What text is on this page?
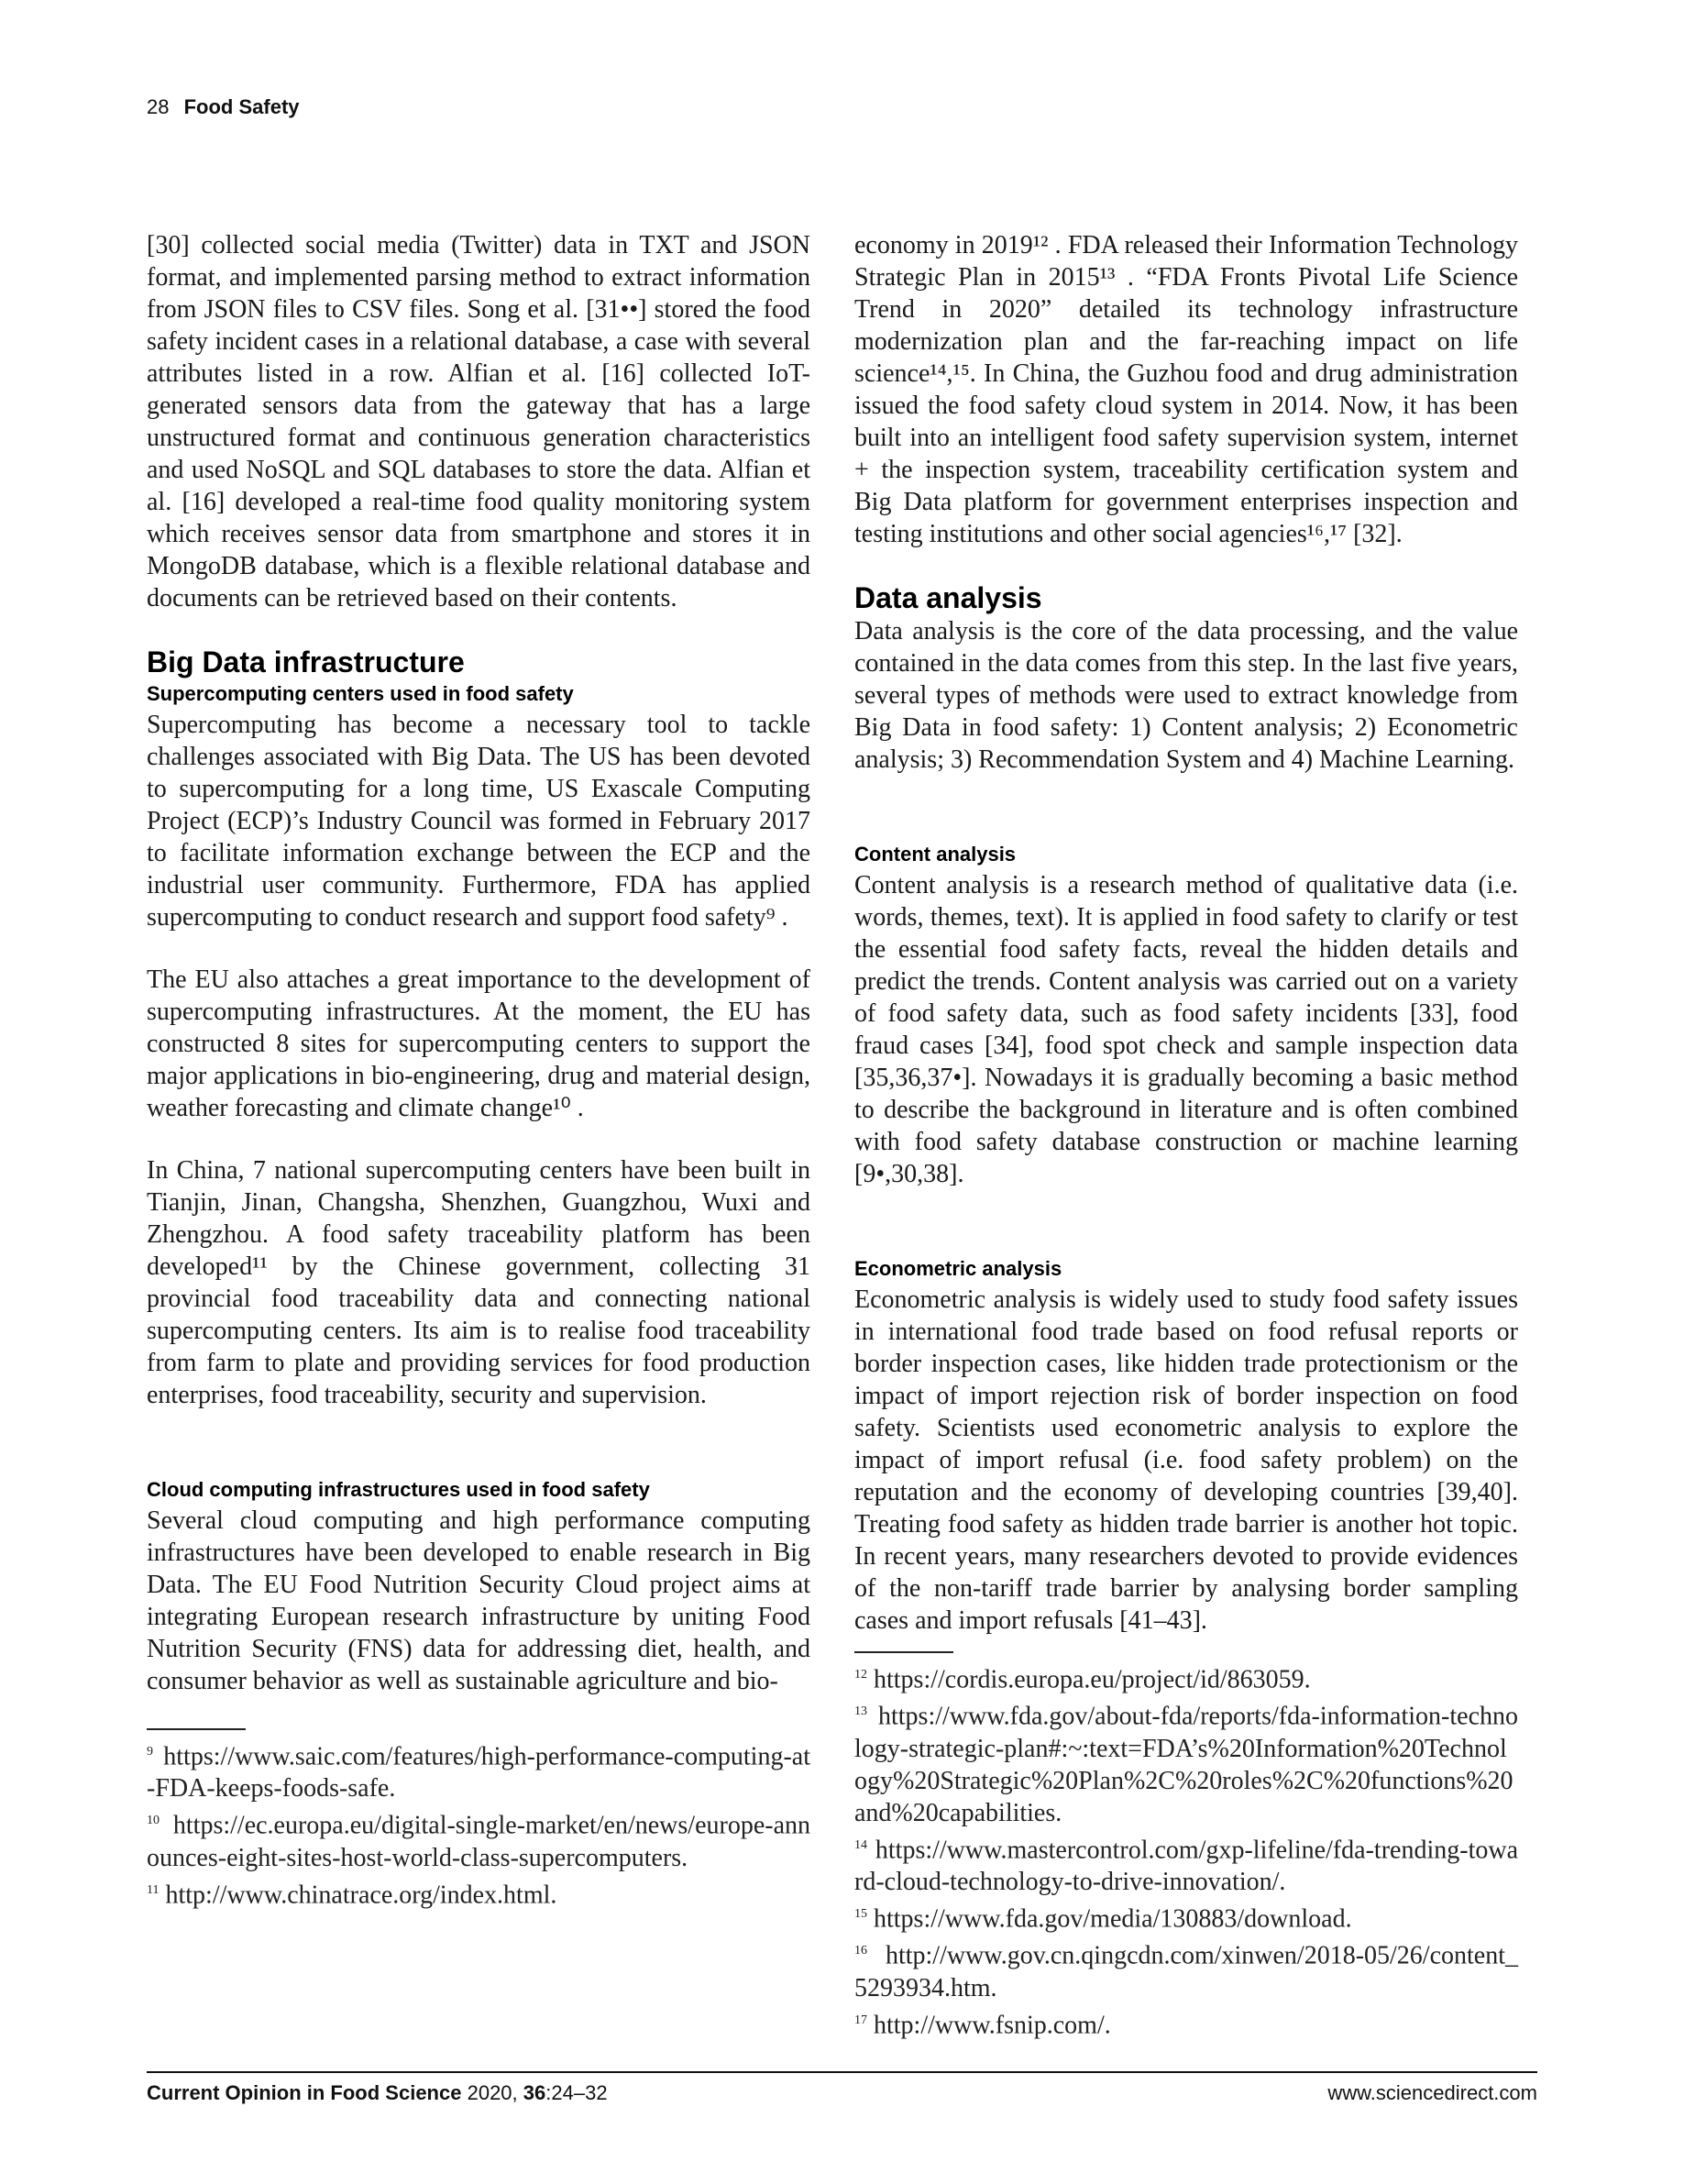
28 Food Safety

[30] collected social media (Twitter) data in TXT and JSON format, and implemented parsing method to extract information from JSON files to CSV files. Song et al. [31••] stored the food safety incident cases in a relational database, a case with several attributes listed in a row. Alfian et al. [16] collected IoT-generated sensors data from the gateway that has a large unstructured format and continuous generation characteristics and used NoSQL and SQL databases to store the data. Alfian et al. [16] developed a real-time food quality monitoring system which receives sensor data from smartphone and stores it in MongoDB database, which is a flexible relational database and documents can be retrieved based on their contents.

Big Data infrastructure
Supercomputing centers used in food safety

Supercomputing has become a necessary tool to tackle challenges associated with Big Data. The US has been devoted to supercomputing for a long time, US Exascale Computing Project (ECP)’s Industry Council was formed in February 2017 to facilitate information exchange between the ECP and the industrial user community. Furthermore, FDA has applied supercomputing to conduct research and support food safety⁹ .

The EU also attaches a great importance to the development of supercomputing infrastructures. At the moment, the EU has constructed 8 sites for supercomputing centers to support the major applications in bio-engineering, drug and material design, weather forecasting and climate change¹⁰ .

In China, 7 national supercomputing centers have been built in Tianjin, Jinan, Changsha, Shenzhen, Guangzhou, Wuxi and Zhengzhou. A food safety traceability platform has been developed¹¹ by the Chinese government, collecting 31 provincial food traceability data and connecting national supercomputing centers. Its aim is to realise food traceability from farm to plate and providing services for food production enterprises, food traceability, security and supervision.

Cloud computing infrastructures used in food safety

Several cloud computing and high performance computing infrastructures have been developed to enable research in Big Data. The EU Food Nutrition Security Cloud project aims at integrating European research infrastructure by uniting Food Nutrition Security (FNS) data for addressing diet, health, and consumer behavior as well as sustainable agriculture and bio-

$^9$ https://www.saic.com/features/high-performance-computing-at-FDA-keeps-foods-safe.

$^{10}$ https://ec.europa.eu/digital-single-market/en/news/europe-announces-eight-sites-host-world-class-supercomputers.

$^{11}$ http://www.chinatrace.org/index.html.

economy in 2019¹² . FDA released their Information Technology Strategic Plan in 2015¹³ . “FDA Fronts Pivotal Life Science Trend in 2020” detailed its technology infrastructure modernization plan and the far-reaching impact on life science¹⁴,¹⁵. In China, the Guzhou food and drug administration issued the food safety cloud system in 2014. Now, it has been built into an intelligent food safety supervision system, internet + the inspection system, traceability certification system and Big Data platform for government enterprises inspection and testing institutions and other social agencies¹⁶,¹⁷ [32].

Data analysis

Data analysis is the core of the data processing, and the value contained in the data comes from this step. In the last five years, several types of methods were used to extract knowledge from Big Data in food safety: 1) Content analysis; 2) Econometric analysis; 3) Recommendation System and 4) Machine Learning.

Content analysis

Content analysis is a research method of qualitative data (i.e. words, themes, text). It is applied in food safety to clarify or test the essential food safety facts, reveal the hidden details and predict the trends. Content analysis was carried out on a variety of food safety data, such as food safety incidents [33], food fraud cases [34], food spot check and sample inspection data [35,36,37•]. Nowadays it is gradually becoming a basic method to describe the background in literature and is often combined with food safety database construction or machine learning [9•,30,38].

Econometric analysis

Econometric analysis is widely used to study food safety issues in international food trade based on food refusal reports or border inspection cases, like hidden trade protectionism or the impact of import rejection risk of border inspection on food safety. Scientists used econometric analysis to explore the impact of import refusal (i.e. food safety problem) on the reputation and the economy of developing countries [39,40]. Treating food safety as hidden trade barrier is another hot topic. In recent years, many researchers devoted to provide evidences of the non-tariff trade barrier by analysing border sampling cases and import refusals [41–43].

$^{12}$ https://cordis.europa.eu/project/id/863059.

$^{13}$ https://www.fda.gov/about-fda/reports/fda-information-technology-strategic-plan#:~:text=FDA’s%20Information%20Technology%20Strategic%20Plan%2C%20roles%2C%20functions%20and%20capabilities.

$^{14}$ https://www.mastercontrol.com/gxp-lifeline/fda-trending-toward-cloud-technology-to-drive-innovation/.

$^{15}$ https://www.fda.gov/media/130883/download.

$^{16}$ http://www.gov.cn.qingcdn.com/xinwen/2018-05/26/content_5293934.htm.

$^{17}$ http://www.fsnip.com/.

Current Opinion in Food Science 2020, 36:24–32	www.sciencedirect.com
